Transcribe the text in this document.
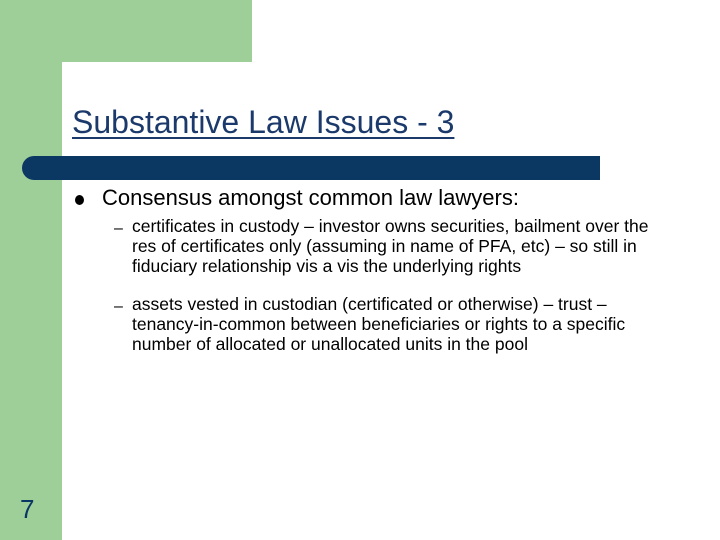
Substantive Law Issues - 3
Consensus amongst common law lawyers:
– certificates in custody – investor owns securities, bailment over the res of certificates only (assuming in name of PFA, etc) – so still in fiduciary relationship vis a vis the underlying rights
– assets vested in custodian (certificated or otherwise) – trust – tenancy-in-common between beneficiaries or rights to a specific number of allocated or unallocated units in the pool
7
